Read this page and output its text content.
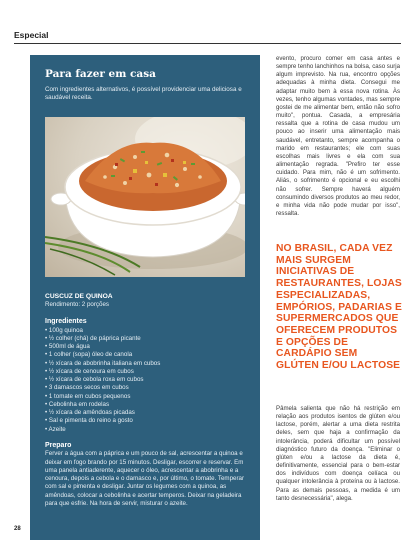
Especial
Para fazer em casa
Com ingredientes alternativos, é possível providenciar uma deliciosa e saudável receita.
CUSCUZ DE QUINOA
Rendimento: 2 porções
Ingredientes
• 100g quinoa
• ½ colher (chá) de páprica picante
• 500ml de água
• 1 colher (sopa) óleo de canola
• ½ xícara de abobrinha italiana em cubos
• ½ xícara de cenoura em cubos
• ½ xícara de cebola roxa em cubos
• 3 damascos secos em cubos
• 1 tomate em cubos pequenos
• Cebolinha em rodelas
• ½ xícara de amêndoas picadas
• Sal e pimenta do reino a gosto
• Azeite
Preparo
Ferver a água com a páprica e um pouco de sal, acrescentar a quinoa e deixar em fogo brando por 15 minutos. Desligar, escorrer e reservar. Em uma panela antiaderente, aquecer o óleo, acrescentar a abobrinha e a cenoura, depois a cebola e o damasco e, por último, o tomate. Temperar com sal e pimenta e desligar. Juntar os legumes com a quinoa, as amêndoas, colocar a cebolinha e acertar temperos. Deixar na geladeira para que esfrie. Na hora de servir, misturar o azeite.
evento, procuro comer em casa antes e sempre tenho lanchinhos na bolsa, caso surja algum imprevisto. Na rua, encontro opções adequadas à minha dieta. Consegui me adaptar muito bem à essa nova rotina. Às vezes, tenho algumas vontades, mas sempre gostei de me alimentar bem, então não sofro muito", pontua. Casada, a empresária ressalta que a rotina de casa mudou um pouco ao inserir uma alimentação mais saudável, entretanto, sempre acompanha o marido em restaurantes; ele com suas escolhas mais livres e ela com sua alimentação regrada. "Prefiro ter esse cuidado. Para mim, não é um sofrimento. Aliás, o sofrimento é opcional e eu escolhi não sofrer. Sempre haverá alguém consumindo diversos produtos ao meu redor, e minha vida não pode mudar por isso", ressalta.
NO BRASIL, CADA VEZ MAIS SURGEM INICIATIVAS DE RESTAURANTES, LOJAS ESPECIALIZADAS, EMPÓRIOS, PADARIAS E SUPERMERCADOS QUE OFERECEM PRODUTOS E OPÇÕES DE CARDÁPIO SEM GLÚTEN E/OU LACTOSE
Pâmela salienta que não há restrição em relação aos produtos isentos de glúten e/ou lactose, porém, alertar a uma dieta restrita deles, sem que haja a confirmação da intolerância, poderá dificultar um possível diagnóstico futuro da doença. "Eliminar o glúten e/ou a lactose da dieta é, definitivamente, essencial para o bem-estar dos indivíduos com doença celíaca ou qualquer intolerância à proteína ou à lactose. Para as demais pessoas, a medida é um tanto desnecessária", alega.
28
